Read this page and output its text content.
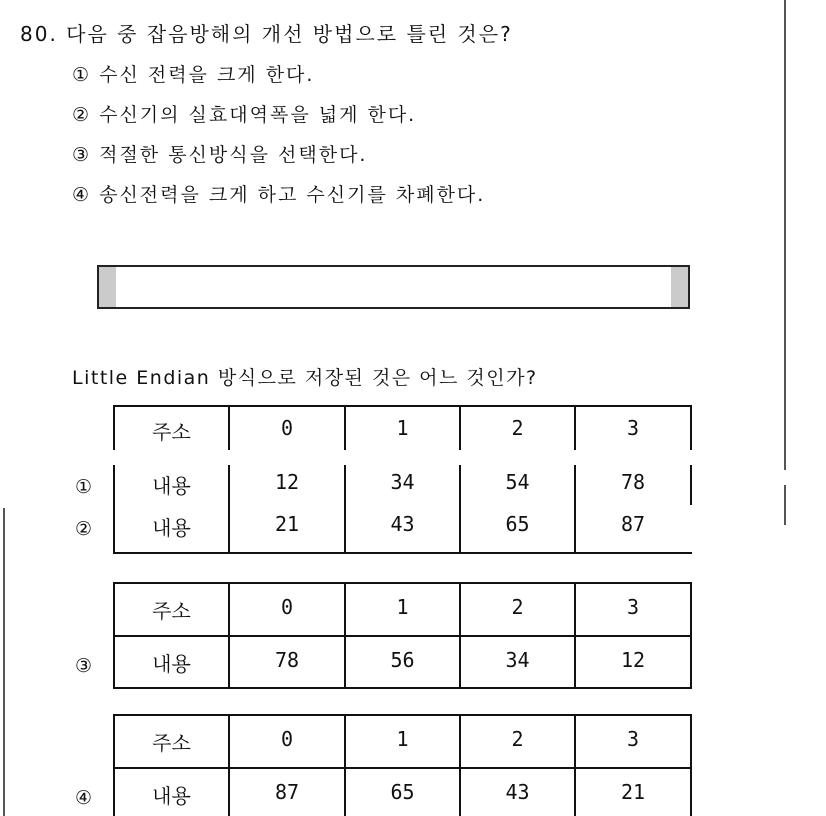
80. 다음 중 잡음방해의 개선 방법으로 틀린 것은?
① 수신 전력을 크게 한다.
② 수신기의 실효대역폭을 넓게 한다.
③ 적절한 통신방식을 선택한다.
④ 송신전력을 크게 하고 수신기를 차폐한다.
Little Endian 방식으로 저장된 것은 어느 것인가?
주소	0	1	2	3
①	내용	12	34	54	78
②	내용	21	43	65	87
주소	0	1	2	3
③	내용	78	56	34	12
주소	0	1	2	3
④	내용	87	65	43	21
